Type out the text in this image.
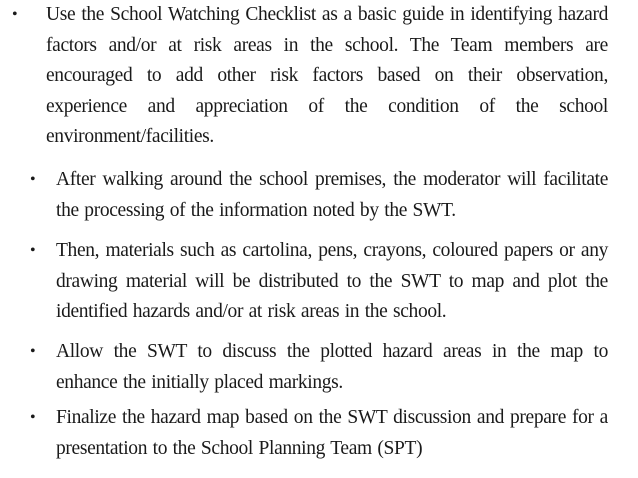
• Use the School Watching Checklist as a basic guide in identifying hazard factors and/or at risk areas in the school. The Team members are encouraged to add other risk factors based on their observation, experience and appreciation of the condition of the school environment/facilities.
• After walking around the school premises, the moderator will facilitate the processing of the information noted by the SWT.
• Then, materials such as cartolina, pens, crayons, coloured papers or any drawing material will be distributed to the SWT to map and plot the identified hazards and/or at risk areas in the school.
• Allow the SWT to discuss the plotted hazard areas in the map to enhance the initially placed markings.
• Finalize the hazard map based on the SWT discussion and prepare for a presentation to the School Planning Team (SPT)
